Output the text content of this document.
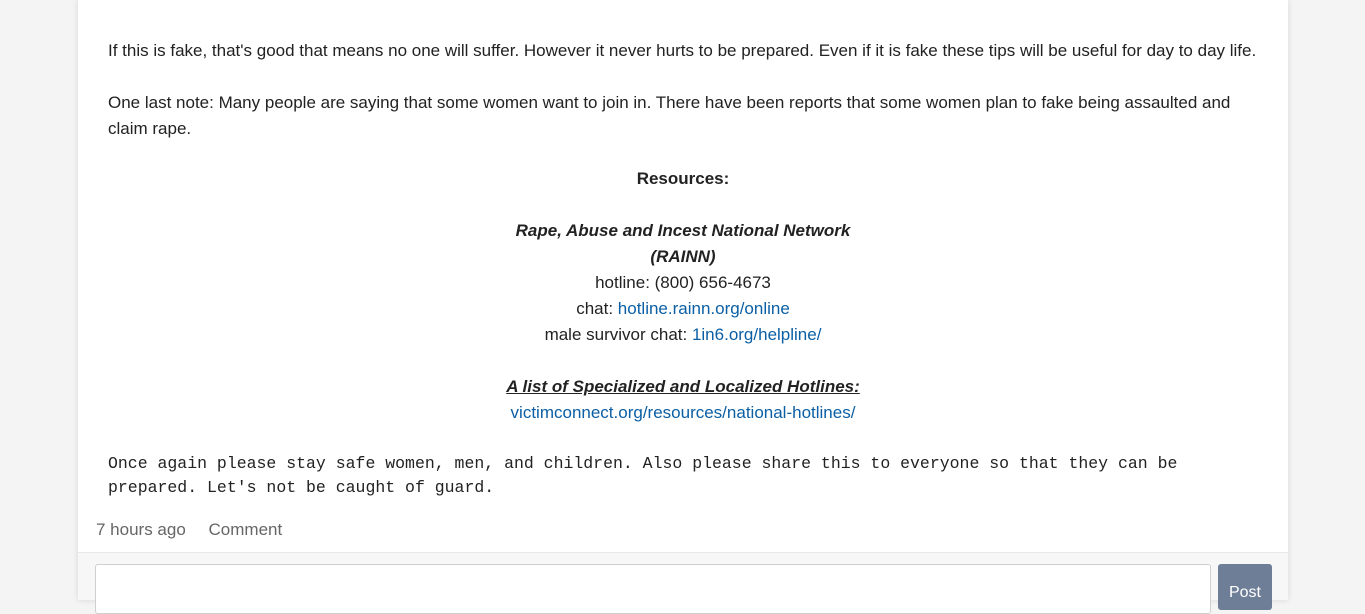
If this is fake, that's good that means no one will suffer. However it never hurts to be prepared. Even if it is fake these tips will be useful for day to day life.

One last note: Many people are saying that some women want to join in. There have been reports that some women plan to fake being assaulted and claim rape.

Resources:
Rape, Abuse and Incest National Network (RAINN)
hotline: (800) 656-4673
chat: hotline.rainn.org/online
male survivor chat: 1in6.org/helpline/
A list of Specialized and Localized Hotlines:
victimconnect.org/resources/national-hotlines/
Once again please stay safe women, men, and children. Also please share this to everyone so that they can be prepared. Let's not be caught of guard.
7 hours ago Comment
Post
